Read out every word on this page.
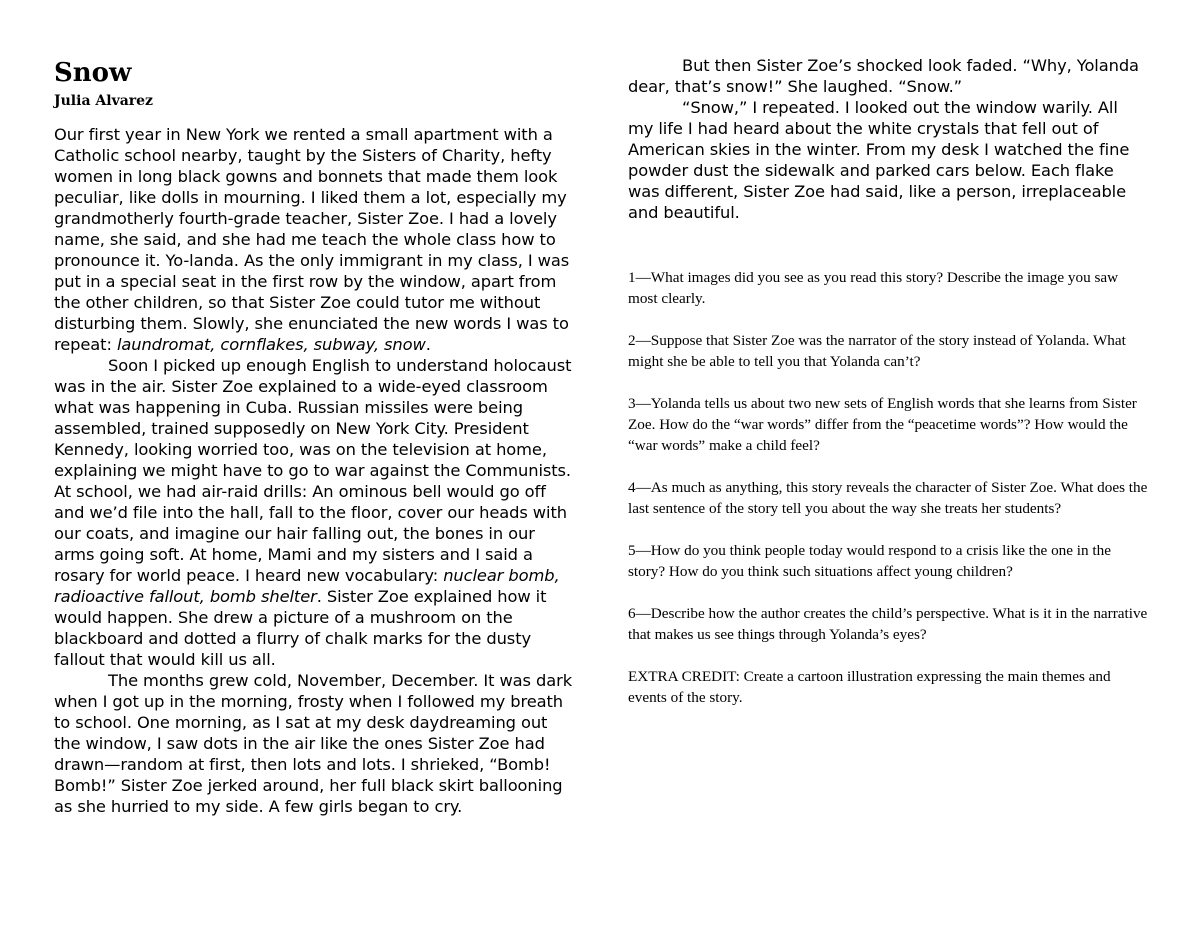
Snow
Julia Alvarez

Our first year in New York we rented a small apartment with a Catholic school nearby, taught by the Sisters of Charity, hefty women in long black gowns and bonnets that made them look peculiar, like dolls in mourning. I liked them a lot, especially my grandmotherly fourth-grade teacher, Sister Zoe. I had a lovely name, she said, and she had me teach the whole class how to pronounce it. Yo-landa. As the only immigrant in my class, I was put in a special seat in the first row by the window, apart from the other children, so that Sister Zoe could tutor me without disturbing them. Slowly, she enunciated the new words I was to repeat: laundromat, cornflakes, subway, snow.

Soon I picked up enough English to understand holocaust was in the air. Sister Zoe explained to a wide-eyed classroom what was happening in Cuba. Russian missiles were being assembled, trained supposedly on New York City. President Kennedy, looking worried too, was on the television at home, explaining we might have to go to war against the Communists. At school, we had air-raid drills: An ominous bell would go off and we’d file into the hall, fall to the floor, cover our heads with our coats, and imagine our hair falling out, the bones in our arms going soft. At home, Mami and my sisters and I said a rosary for world peace. I heard new vocabulary: nuclear bomb, radioactive fallout, bomb shelter. Sister Zoe explained how it would happen. She drew a picture of a mushroom on the blackboard and dotted a flurry of chalk marks for the dusty fallout that would kill us all.

The months grew cold, November, December. It was dark when I got up in the morning, frosty when I followed my breath to school. One morning, as I sat at my desk daydreaming out the window, I saw dots in the air like the ones Sister Zoe had drawn—random at first, then lots and lots. I shrieked, “Bomb! Bomb!” Sister Zoe jerked around, her full black skirt ballooning as she hurried to my side. A few girls began to cry.

But then Sister Zoe’s shocked look faded. “Why, Yolanda dear, that’s snow!” She laughed. “Snow.”

“Snow,” I repeated. I looked out the window warily. All my life I had heard about the white crystals that fell out of American skies in the winter. From my desk I watched the fine powder dust the sidewalk and parked cars below. Each flake was different, Sister Zoe had said, like a person, irreplaceable and beautiful.

1—What images did you see as you read this story? Describe the image you saw most clearly.

2—Suppose that Sister Zoe was the narrator of the story instead of Yolanda. What might she be able to tell you that Yolanda can’t?

3—Yolanda tells us about two new sets of English words that she learns from Sister Zoe. How do the “war words” differ from the “peacetime words”? How would the “war words” make a child feel?

4—As much as anything, this story reveals the character of Sister Zoe. What does the last sentence of the story tell you about the way she treats her students?

5—How do you think people today would respond to a crisis like the one in the story? How do you think such situations affect young children?

6—Describe how the author creates the child’s perspective. What is it in the narrative that makes us see things through Yolanda’s eyes?

EXTRA CREDIT: Create a cartoon illustration expressing the main themes and events of the story.
